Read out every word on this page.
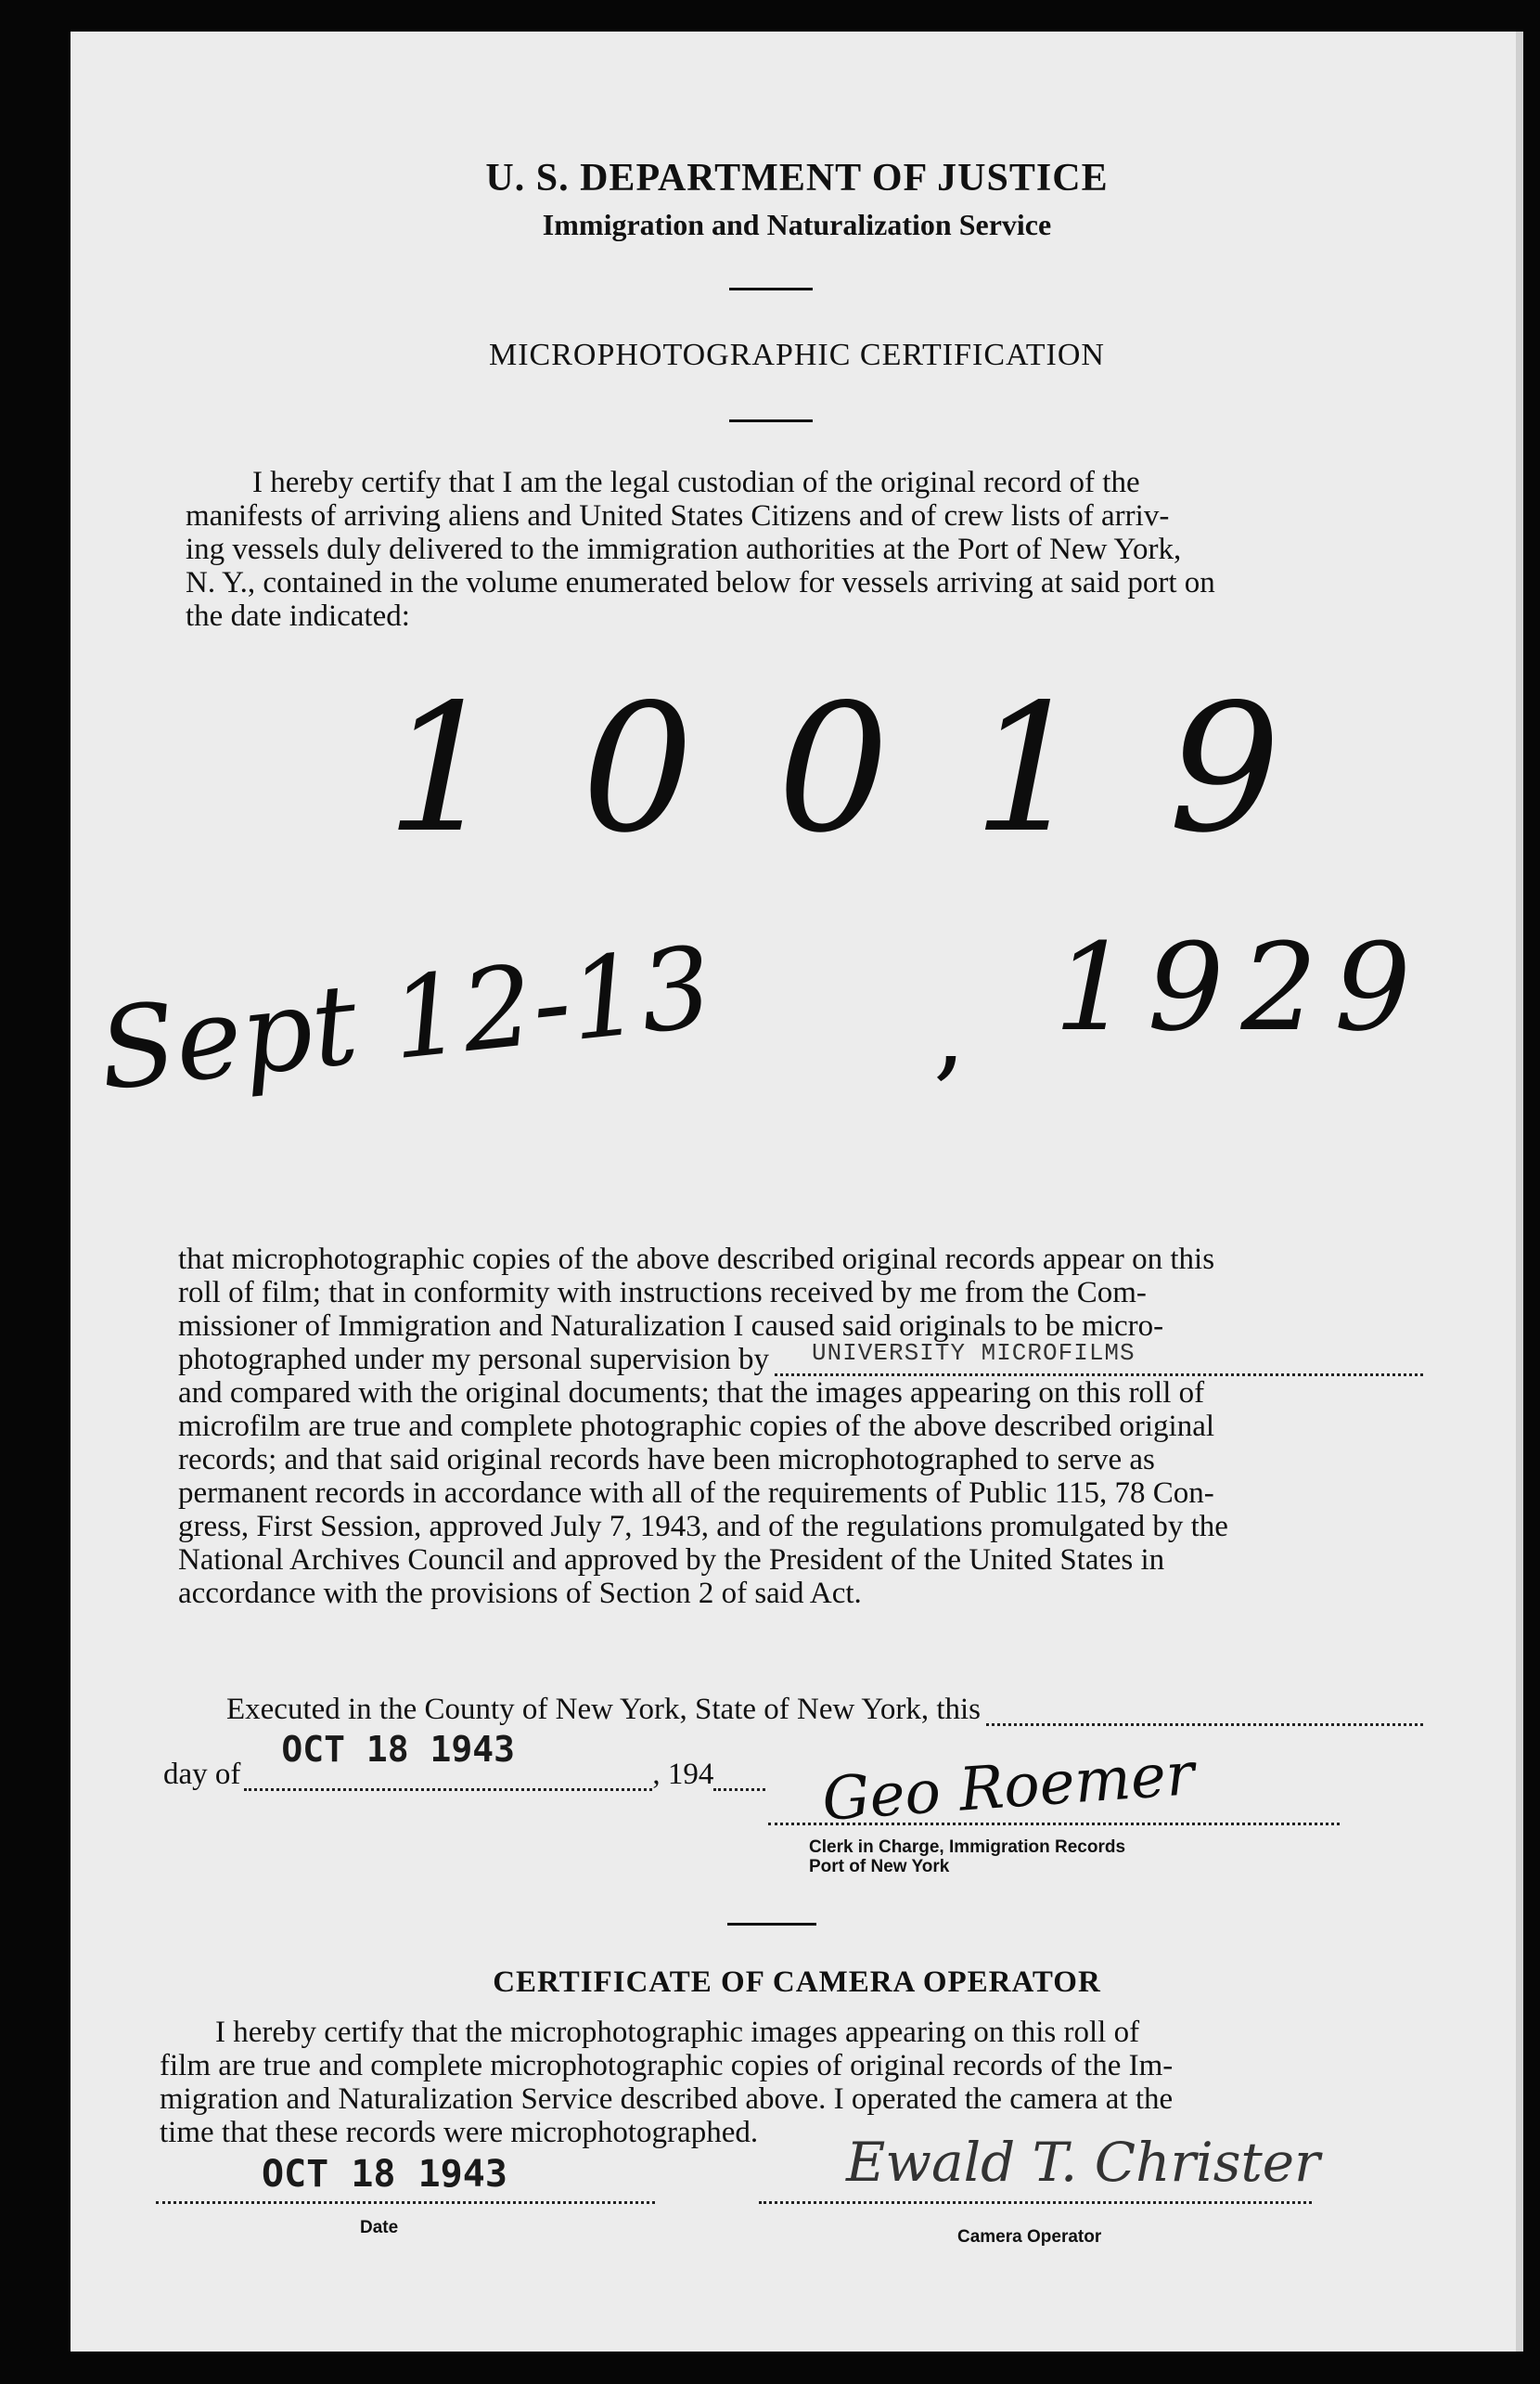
U. S. DEPARTMENT OF JUSTICE
Immigration and Naturalization Service
MICROPHOTOGRAPHIC CERTIFICATION

I hereby certify that I am the legal custodian of the original record of the

manifests of arriving aliens and United States Citizens and of crew lists of arriv-

ing vessels duly delivered to the immigration authorities at the Port of New York,

N. Y., contained in the volume enumerated below for vessels arriving at said port on

the date indicated:

10019
Sept 12-13 , 1929

that microphotographic copies of the above described original records appear on this

roll of film; that in conformity with instructions received by me from the Com-

missioner of Immigration and Naturalization I caused said originals to be micro-

photographed under my personal supervision by UNIVERSITY MICROFILMS

and compared with the original documents; that the images appearing on this roll of

microfilm are true and complete photographic copies of the above described original

records; and that said original records have been microphotographed to serve as

permanent records in accordance with all of the requirements of Public 115, 78 Con-

gress, First Session, approved July 7, 1943, and of the regulations promulgated by the

National Archives Council and approved by the President of the United States in

accordance with the provisions of Section 2 of said Act.

Executed in the County of New York, State of New York, this
day of
OCT 18 1943
, 194 Geo Roemer
Clerk in Charge, Immigration Records
Port of New York
CERTIFICATE OF CAMERA OPERATOR

I hereby certify that the microphotographic images appearing on this roll of

film are true and complete microphotographic copies of original records of the Im-

migration and Naturalization Service described above. I operated the camera at the

time that these records were microphotographed.

OCT 18 1943
Date
Ewald T. Christer
Camera Operator
